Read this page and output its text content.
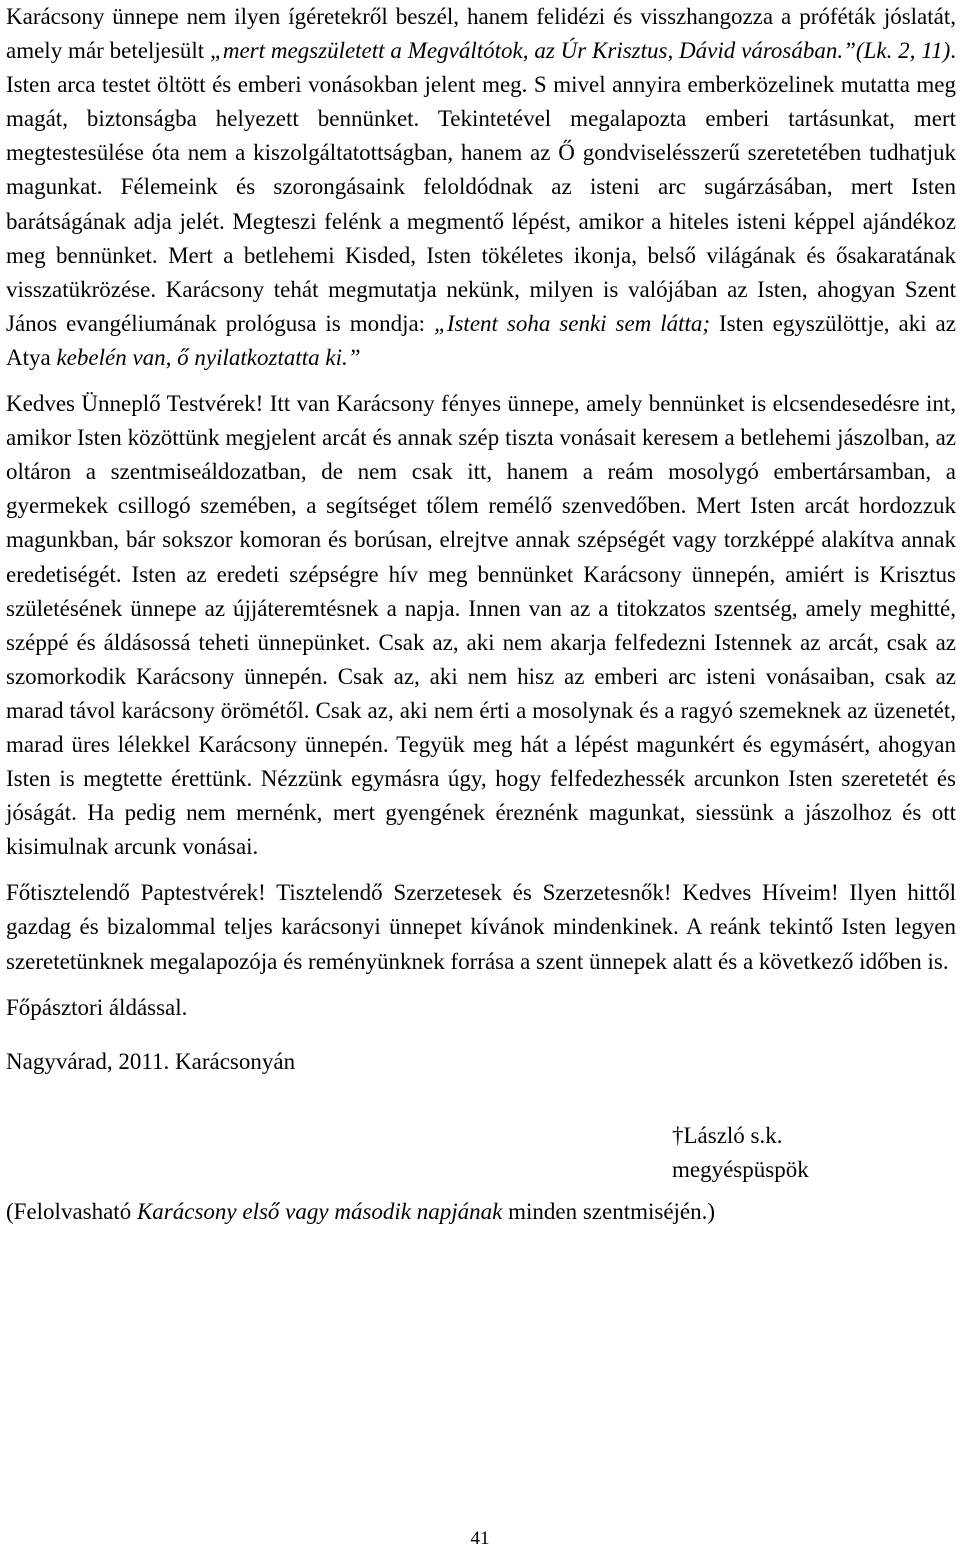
Karácsony ünnepe nem ilyen ígéretekről beszél, hanem felidézi és visszhangozza a próféták jóslatát, amely már beteljesült „mert megszületett a Megváltótok, az Úr Krisztus, Dávid városában.”(Lk. 2, 11). Isten arca testet öltött és emberi vonásokban jelent meg. S mivel annyira emberközelinek mutatta meg magát, biztonságba helyezett bennünket. Tekintetével megalapozta emberi tartásunkat, mert megtestesülése óta nem a kiszolgáltatottságban, hanem az Ő gondviselésszerű szeretetében tudhatjuk magunkat. Félemeink és szorongásaink feloldódnak az isteni arc sugárzásában, mert Isten barátságának adja jelét. Megteszi felénk a megmentő lépést, amikor a hiteles isteni képpel ajándékoz meg bennünket. Mert a betlehemi Kisded, Isten tökéletes ikonja, belső világának és ősakaratának visszatükrözése. Karácsony tehát megmutatja nekünk, milyen is valójában az Isten, ahogyan Szent János evangéliumának prológusa is mondja: „Istent soha senki sem látta; Isten egyszülöttje, aki az Atya kebelén van, ő nyilatkoztatta ki.”

Kedves Ünneplő Testvérek! Itt van Karácsony fényes ünnepe, amely bennünket is elcsendesedésre int, amikor Isten közöttünk megjelent arcát és annak szép tiszta vonásait keresem a betlehemi jászolban, az oltáron a szentmiseáldozatban, de nem csak itt, hanem a reám mosolygó embertársamban, a gyermekek csillogó szemében, a segítséget tőlem remélő szenvedőben. Mert Isten arcát hordozzuk magunkban, bár sokszor komoran és borúsan, elrejtve annak szépségét vagy torzképpé alakítva annak eredetiségét. Isten az eredeti szépségre hív meg bennünket Karácsony ünnepén, amiért is Krisztus születésének ünnepe az újjáteremtésnek a napja. Innen van az a titokzatos szentség, amely meghitté, széppé és áldásossá teheti ünnepünket. Csak az, aki nem akarja felfedezni Istennek az arcát, csak az szomorkodik Karácsony ünnepén. Csak az, aki nem hisz az emberi arc isteni vonásaiban, csak az marad távol karácsony örömétől. Csak az, aki nem érti a mosolynak és a ragyó szemeknek az üzenetét, marad üres lélekkel Karácsony ünnepén. Tegyük meg hát a lépést magunkért és egymásért, ahogyan Isten is megtette érettünk. Nézzünk egymásra úgy, hogy felfedezhessék arcunkon Isten szeretetét és jóságát. Ha pedig nem mernénk, mert gyengének éreznénk magunkat, siessünk a jászolhoz és ott kisimulnak arcunk vonásai.

Főtisztelendő Paptestvérek! Tisztelendő Szerzetesek és Szerzetesnők! Kedves Híveim! Ilyen hittől gazdag és bizalommal teljes karácsonyi ünnepet kívánok mindenkinek. A reánk tekintő Isten legyen szeretetünknek megalapozója és reményünknek forrása a szent ünnepek alatt és a következő időben is.

Főpásztori áldással.

Nagyvárad, 2011. Karácsonyán

†László s.k.
megyéspüspök

(Felolvasható Karácsony első vagy második napjának minden szentmiséjén.)

41
